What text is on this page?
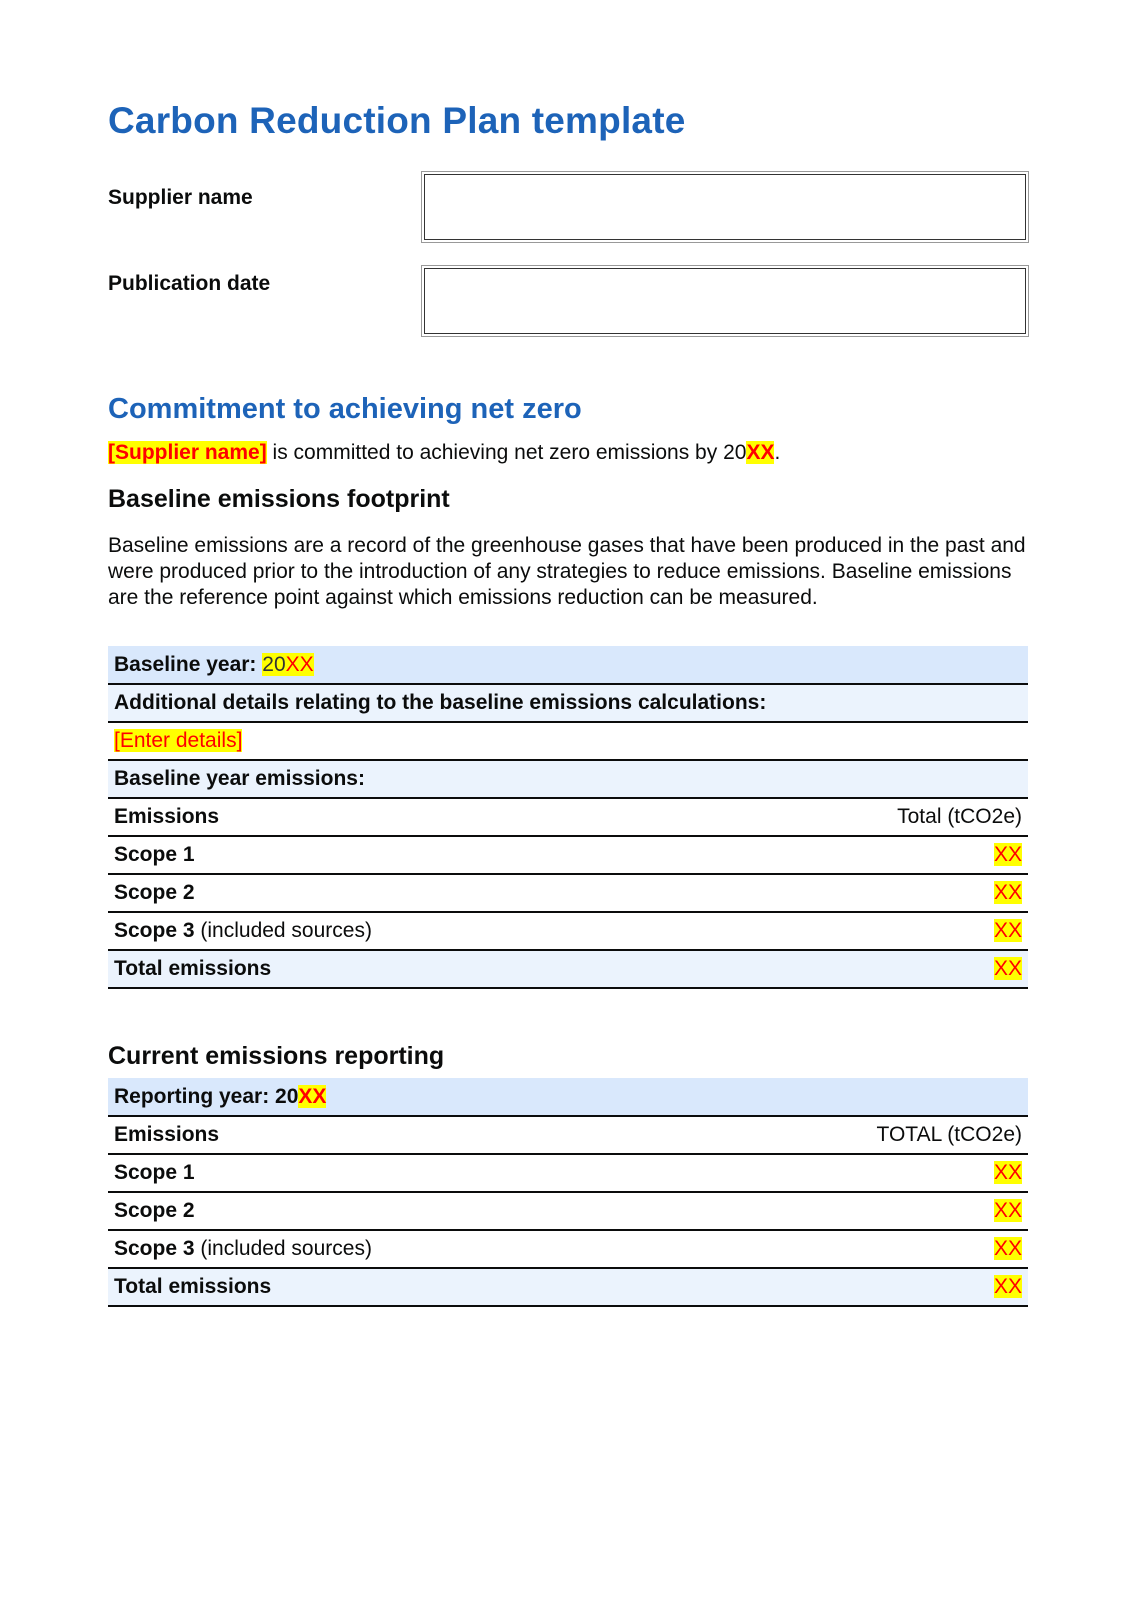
Carbon Reduction Plan template

Supplier name

Publication date

Commitment to achieving net zero

[Supplier name] is committed to achieving net zero emissions by 20XX.

Baseline emissions footprint

Baseline emissions are a record of the greenhouse gases that have been produced in the past and were produced prior to the introduction of any strategies to reduce emissions. Baseline emissions are the reference point against which emissions reduction can be measured.

Baseline year: 20XX	
Additional details relating to the baseline emissions calculations:	
[Enter details]	
Baseline year emissions:	
Emissions	Total (tCO2e)
Scope 1	XX
Scope 2	XX
Scope 3 (included sources)	XX
Total emissions	XX
Current emissions reporting
Reporting year: 20XX	
Emissions	TOTAL (tCO2e)
Scope 1	XX
Scope 2	XX
Scope 3 (included sources)	XX
Total emissions	XX
